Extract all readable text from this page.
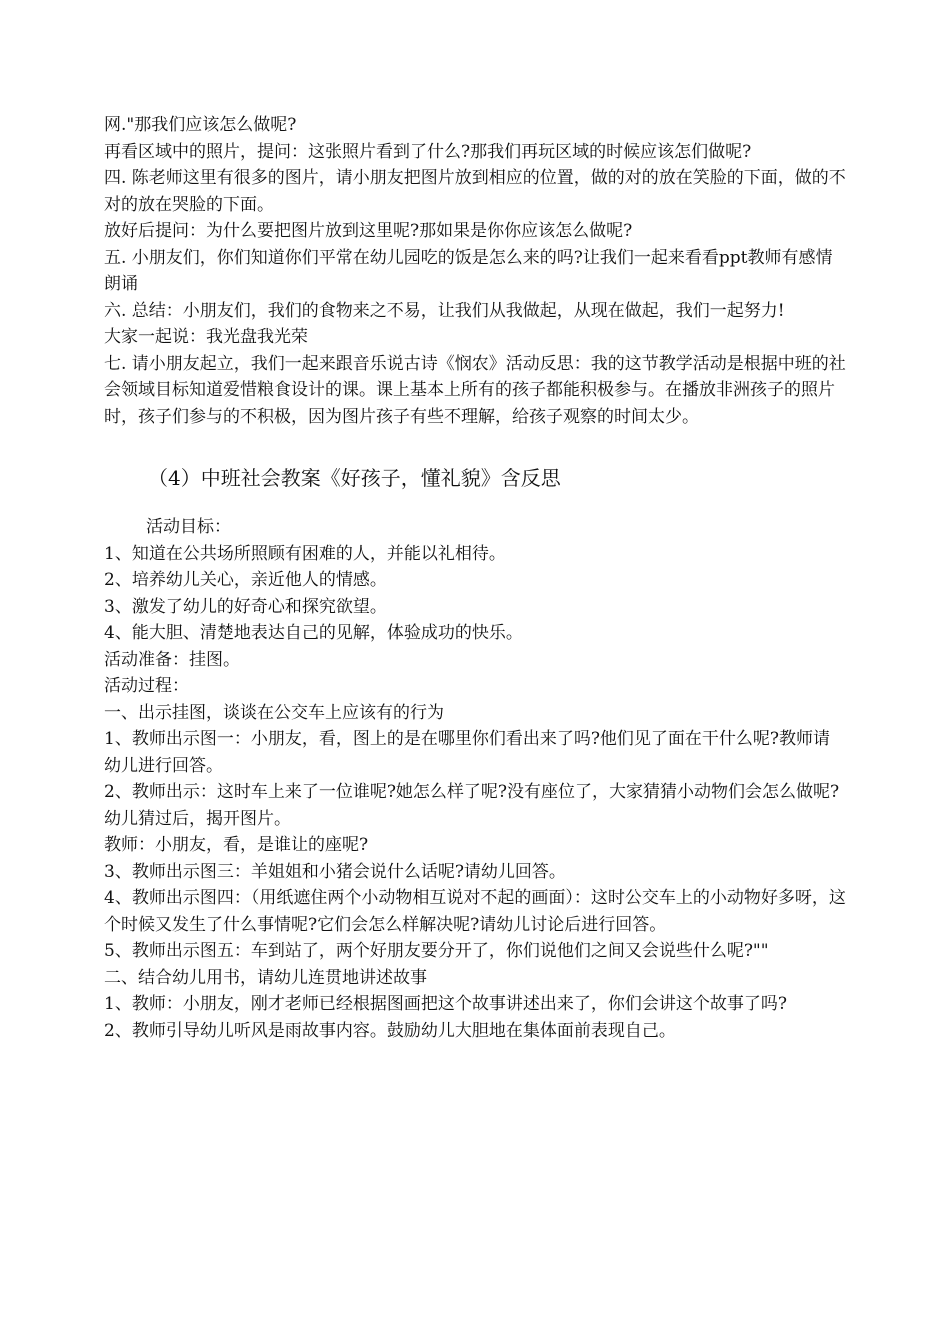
网."那我们应该怎么做呢?

再看区域中的照片，提问：这张照片看到了什么?那我们再玩区域的时候应该怎们做呢?

四. 陈老师这里有很多的图片，请小朋友把图片放到相应的位置，做的对的放在笑脸的下面，做的不对的放在哭脸的下面。

放好后提问：为什么要把图片放到这里呢?那如果是你你应该怎么做呢?

五. 小朋友们，你们知道你们平常在幼儿园吃的饭是怎么来的吗?让我们一起来看看ppt教师有感情朗诵

六. 总结：小朋友们，我们的食物来之不易，让我们从我做起，从现在做起，我们一起努力!

大家一起说：我光盘我光荣

七. 请小朋友起立，我们一起来跟音乐说古诗《悯农》活动反思：我的这节教学活动是根据中班的社会领域目标知道爱惜粮食设计的课。课上基本上所有的孩子都能积极参与。在播放非洲孩子的照片时，孩子们参与的不积极，因为图片孩子有些不理解，给孩子观察的时间太少。

（4）中班社会教案《好孩子，懂礼貌》含反思

活动目标：

1、知道在公共场所照顾有困难的人，并能以礼相待。

2、培养幼儿关心，亲近他人的情感。

3、激发了幼儿的好奇心和探究欲望。

4、能大胆、清楚地表达自己的见解，体验成功的快乐。

活动准备：挂图。

活动过程：

一、出示挂图，谈谈在公交车上应该有的行为

1、教师出示图一：小朋友，看，图上的是在哪里你们看出来了吗?他们见了面在干什么呢?教师请幼儿进行回答。

2、教师出示：这时车上来了一位谁呢?她怎么样了呢?没有座位了，大家猜猜小动物们会怎么做呢?幼儿猜过后，揭开图片。

教师：小朋友，看，是谁让的座呢?

3、教师出示图三：羊姐姐和小猪会说什么话呢?请幼儿回答。

4、教师出示图四：（用纸遮住两个小动物相互说对不起的画面）：这时公交车上的小动物好多呀，这个时候又发生了什么事情呢?它们会怎么样解决呢?请幼儿讨论后进行回答。

5、教师出示图五：车到站了，两个好朋友要分开了，你们说他们之间又会说些什么呢?""

二、结合幼儿用书，请幼儿连贯地讲述故事

1、教师：小朋友，刚才老师已经根据图画把这个故事讲述出来了，你们会讲这个故事了吗?

2、教师引导幼儿听风是雨故事内容。鼓励幼儿大胆地在集体面前表现自己。
